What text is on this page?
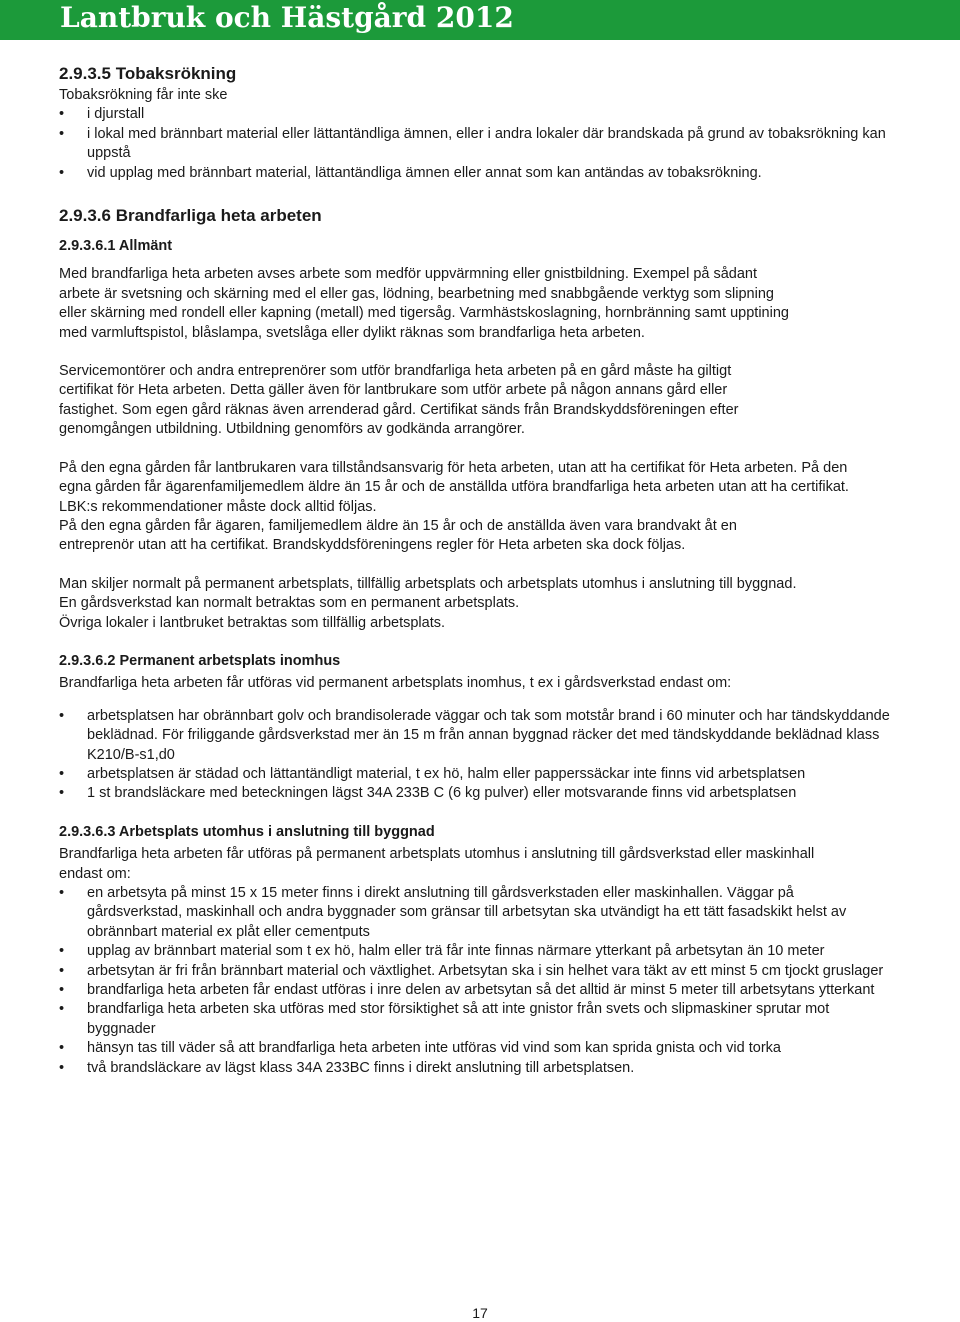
Lantbruk och Hästgård 2012
2.9.3.5 Tobaksrökning

Tobaksrökning får inte ske

• i djurstall
• i lokal med brännbart material eller lättantändliga ämnen, eller i andra lokaler där brandskada på grund av tobaksrökning kan uppstå
• vid upplag med brännbart material, lättantändliga ämnen eller annat som kan antändas av tobaksrökning.
2.9.3.6 Brandfarliga heta arbeten
2.9.3.6.1 Allmänt

Med brandfarliga heta arbeten avses arbete som medför uppvärmning eller gnistbildning. Exempel på sådant arbete är svetsning och skärning med el eller gas, lödning, bearbetning med snabbgående verktyg som slipning eller skärning med rondell eller kapning (metall) med tigersåg. Varmhästskoslagning, hornbränning samt upptining med varmluftspistol, blåslampa, svetslåga eller dylikt räknas som brandfarliga heta arbeten.

Servicemontörer och andra entreprenörer som utför brandfarliga heta arbeten på en gård måste ha giltigt certifikat för Heta arbeten. Detta gäller även för lantbrukare som utför arbete på någon annans gård eller fastighet. Som egen gård räknas även arrenderad gård. Certifikat sänds från Brandskyddsföreningen efter genomgången utbildning. Utbildning genomförs av godkända arrangörer.

På den egna gården får lantbrukaren vara tillståndsansvarig för heta arbeten, utan att ha certifikat för Heta arbeten. På den egna gården får ägarenfamiljemedlem äldre än 15 år och de anställda utföra brandfarliga heta arbeten utan att ha certifikat. LBK:s rekommendationer måste dock alltid följas.

På den egna gården får ägaren, familjemedlem äldre än 15 år och de anställda även vara brandvakt åt en entreprenör utan att ha certifikat. Brandskyddsföreningens regler för Heta arbeten ska dock följas.

Man skiljer normalt på permanent arbetsplats, tillfällig arbetsplats och arbetsplats utomhus i anslutning till byggnad.

En gårdsverkstad kan normalt betraktas som en permanent arbetsplats.

Övriga lokaler i lantbruket betraktas som tillfällig arbetsplats.

2.9.3.6.2 Permanent arbetsplats inomhus

Brandfarliga heta arbeten får utföras vid permanent arbetsplats inomhus, t ex i gårdsverkstad endast om:

• arbetsplatsen har obrännbart golv och brandisolerade väggar och tak som motstår brand i 60 minuter och har tändskyddande beklädnad. För friliggande gårdsverkstad mer än 15 m från annan byggnad räcker det med tändskyddande beklädnad klass K210/B-s1,d0
• arbetsplatsen är städad och lättantändligt material, t ex hö, halm eller papperssäckar inte finns vid arbetsplatsen
• 1 st brandsläckare med beteckningen lägst 34A 233B C (6 kg pulver) eller motsvarande finns vid arbetsplatsen
2.9.3.6.3 Arbetsplats utomhus i anslutning till byggnad

Brandfarliga heta arbeten får utföras på permanent arbetsplats utomhus i anslutning till gårdsverkstad eller maskinhall endast om:

• en arbetsyta på minst 15 x 15 meter finns i direkt anslutning till gårdsverkstaden eller maskinhallen. Väggar på gårdsverkstad, maskinhall och andra byggnader som gränsar till arbetsytan ska utvändigt ha ett tätt fasadskikt helst av obrännbart material ex plåt eller cementputs
• upplag av brännbart material som t ex hö, halm eller trä får inte finnas närmare ytterkant på arbetsytan än 10 meter
• arbetsytan är fri från brännbart material och växtlighet. Arbetsytan ska i sin helhet vara täkt av ett minst 5 cm tjockt gruslager
• brandfarliga heta arbeten får endast utföras i inre delen av arbetsytan så det alltid är minst 5 meter till arbetsytans ytterkant
• brandfarliga heta arbeten ska utföras med stor försiktighet så att inte gnistor från svets och slipmaskiner sprutar mot byggnader
• hänsyn tas till väder så att brandfarliga heta arbeten inte utföras vid vind som kan sprida gnista och vid torka
• två brandsläckare av lägst klass 34A 233BC finns i direkt anslutning till arbetsplatsen.
17
